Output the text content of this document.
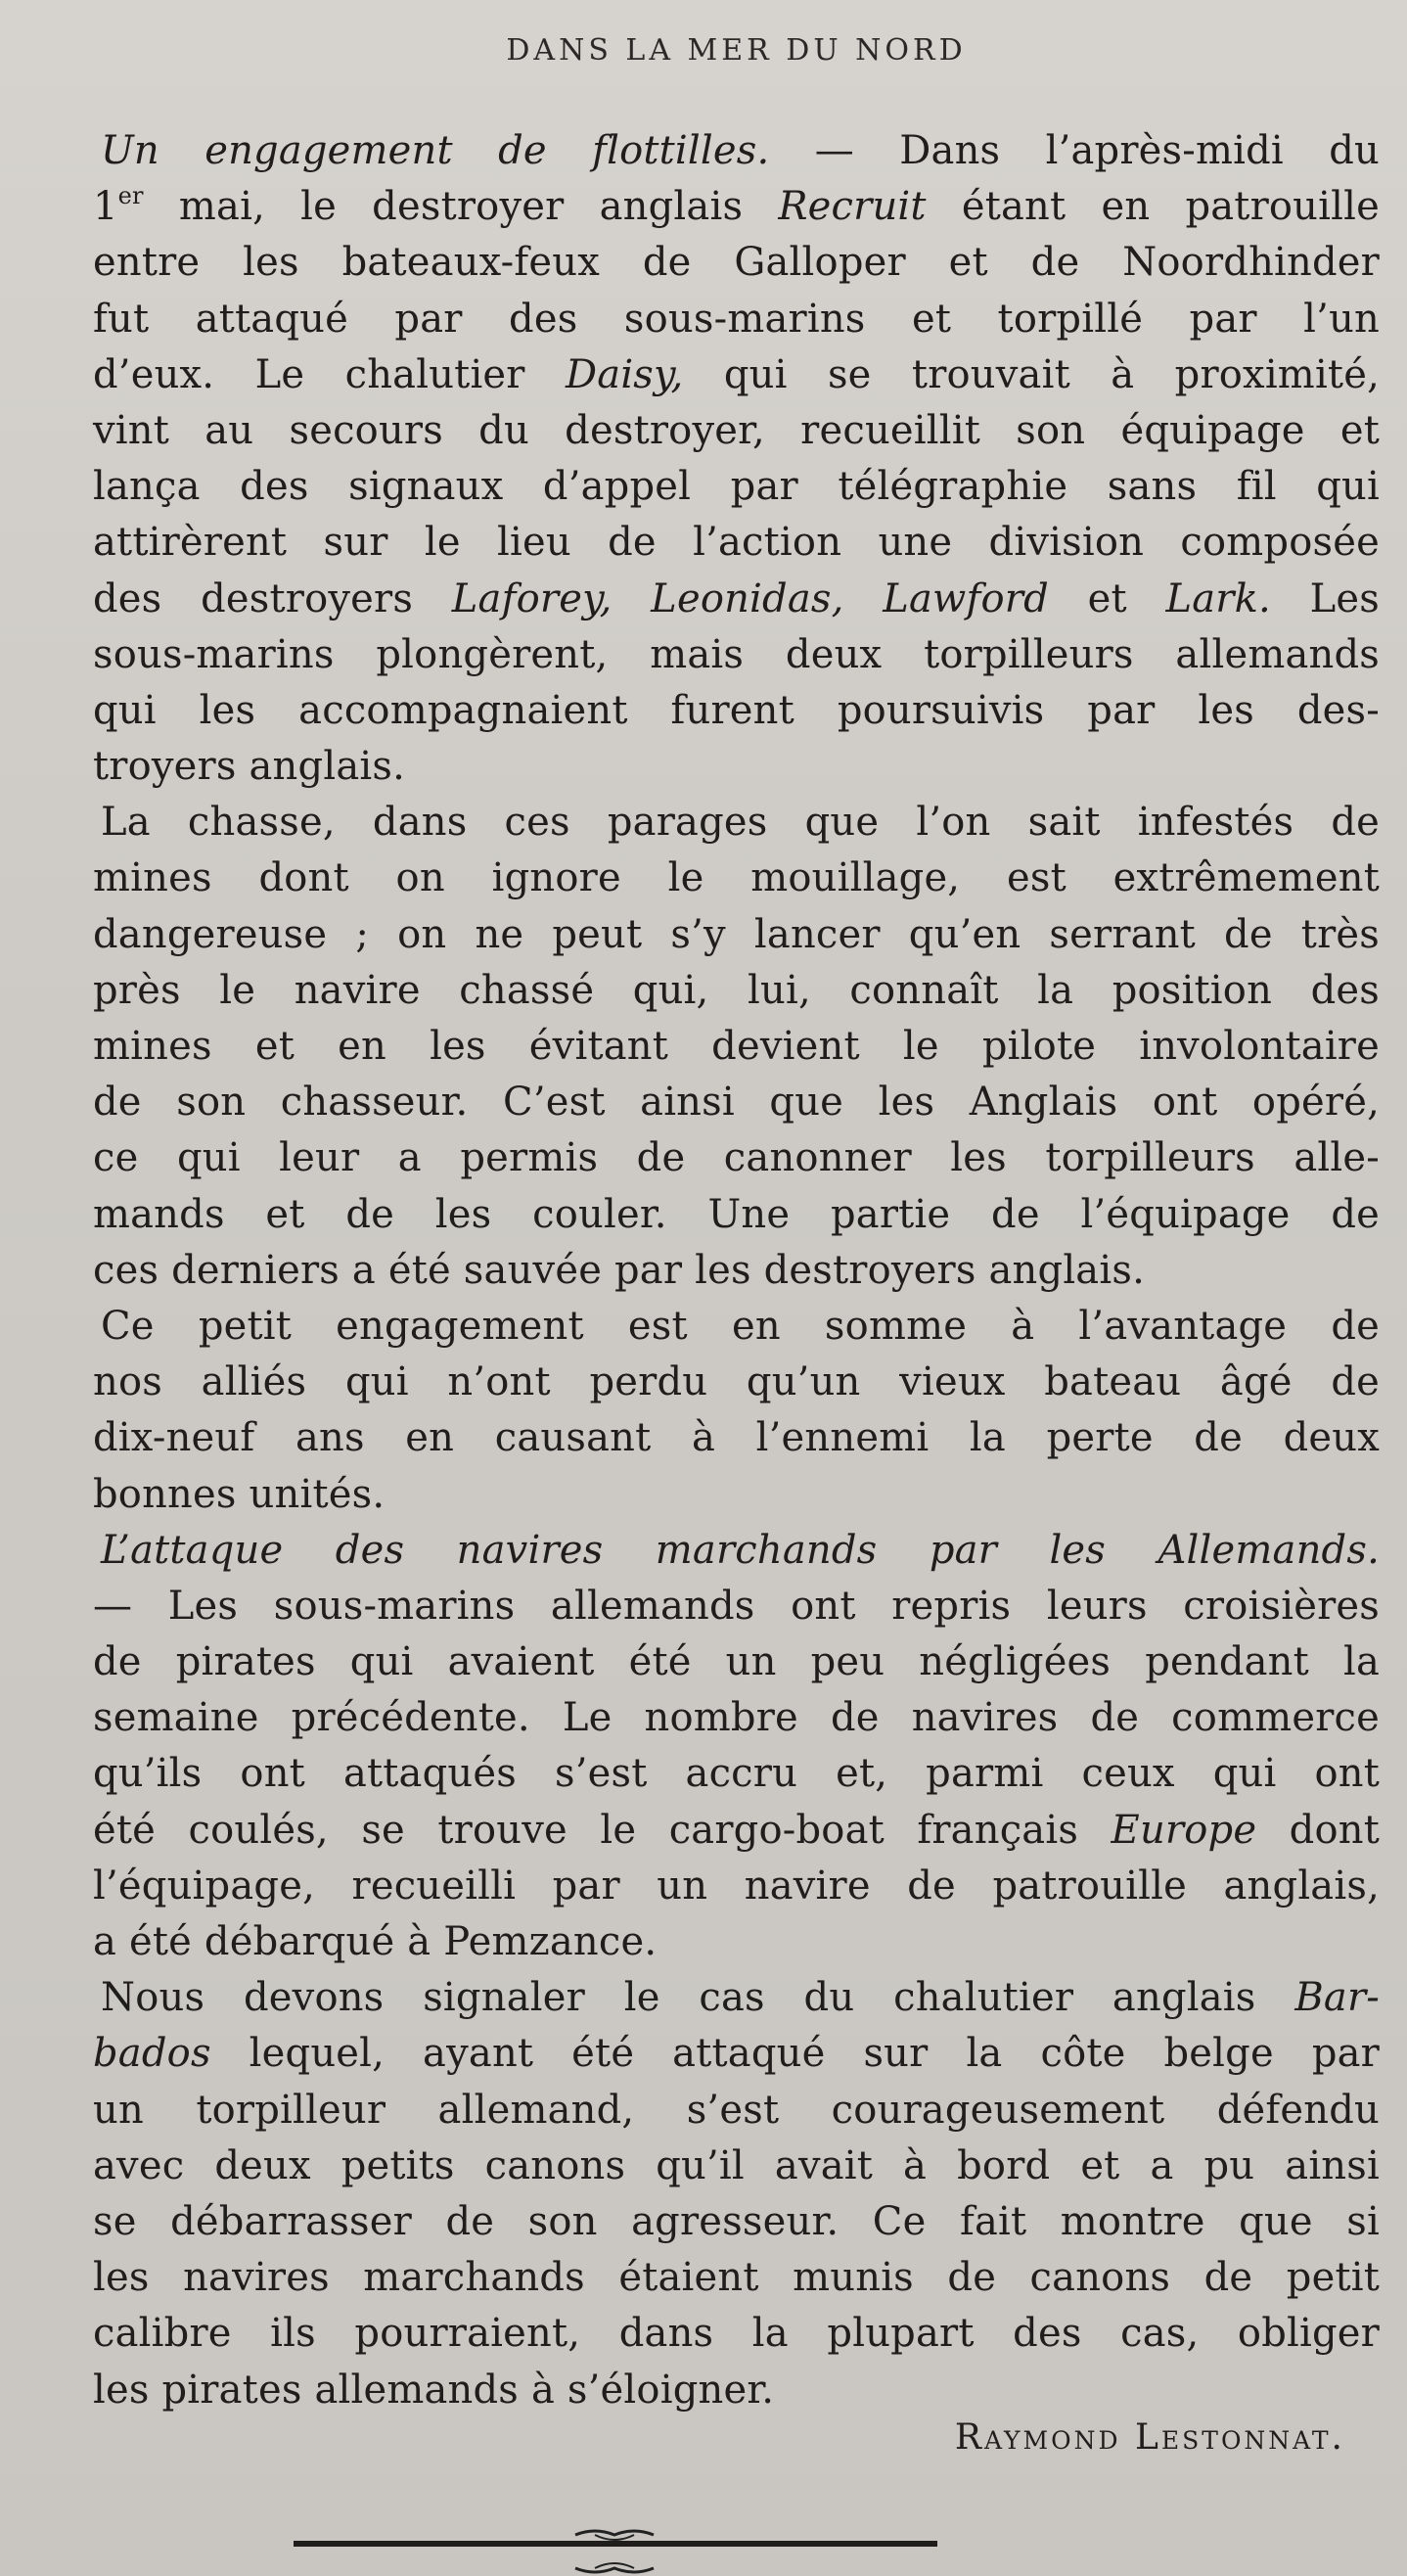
DANS LA MER DU NORD
Un engagement de flottilles. — Dans l’après-midi du
1er mai, le destroyer anglais Recruit étant en patrouille
entre les bateaux-feux de Galloper et de Noordhinder
fut attaqué par des sous-marins et torpillé par l’un
d’eux. Le chalutier Daisy, qui se trouvait à proximité,
vint au secours du destroyer, recueillit son équipage et
lança des signaux d’appel par télégraphie sans fil qui
attirèrent sur le lieu de l’action une division composée
des destroyers Laforey, Leonidas, Lawford et Lark. Les
sous-marins plongèrent, mais deux torpilleurs allemands
qui les accompagnaient furent poursuivis par les des-
troyers anglais.
La chasse, dans ces parages que l’on sait infestés de
mines dont on ignore le mouillage, est extrêmement
dangereuse ; on ne peut s’y lancer qu’en serrant de très
près le navire chassé qui, lui, connaît la position des
mines et en les évitant devient le pilote involontaire
de son chasseur. C’est ainsi que les Anglais ont opéré,
ce qui leur a permis de canonner les torpilleurs alle-
mands et de les couler. Une partie de l’équipage de
ces derniers a été sauvée par les destroyers anglais.
Ce petit engagement est en somme à l’avantage de
nos alliés qui n’ont perdu qu’un vieux bateau âgé de
dix-neuf ans en causant à l’ennemi la perte de deux
bonnes unités.
L’attaque des navires marchands par les Allemands.
— Les sous-marins allemands ont repris leurs croisières
de pirates qui avaient été un peu négligées pendant la
semaine précédente. Le nombre de navires de commerce
qu’ils ont attaqués s’est accru et, parmi ceux qui ont
été coulés, se trouve le cargo-boat français Europe dont
l’équipage, recueilli par un navire de patrouille anglais,
a été débarqué à Pemzance.
Nous devons signaler le cas du chalutier anglais Bar-
bados lequel, ayant été attaqué sur la côte belge par
un torpilleur allemand, s’est courageusement défendu
avec deux petits canons qu’il avait à bord et a pu ainsi
se débarrasser de son agresseur. Ce fait montre que si
les navires marchands étaient munis de canons de petit
calibre ils pourraient, dans la plupart des cas, obliger
les pirates allemands à s’éloigner.
Raymond Lestonnat.
